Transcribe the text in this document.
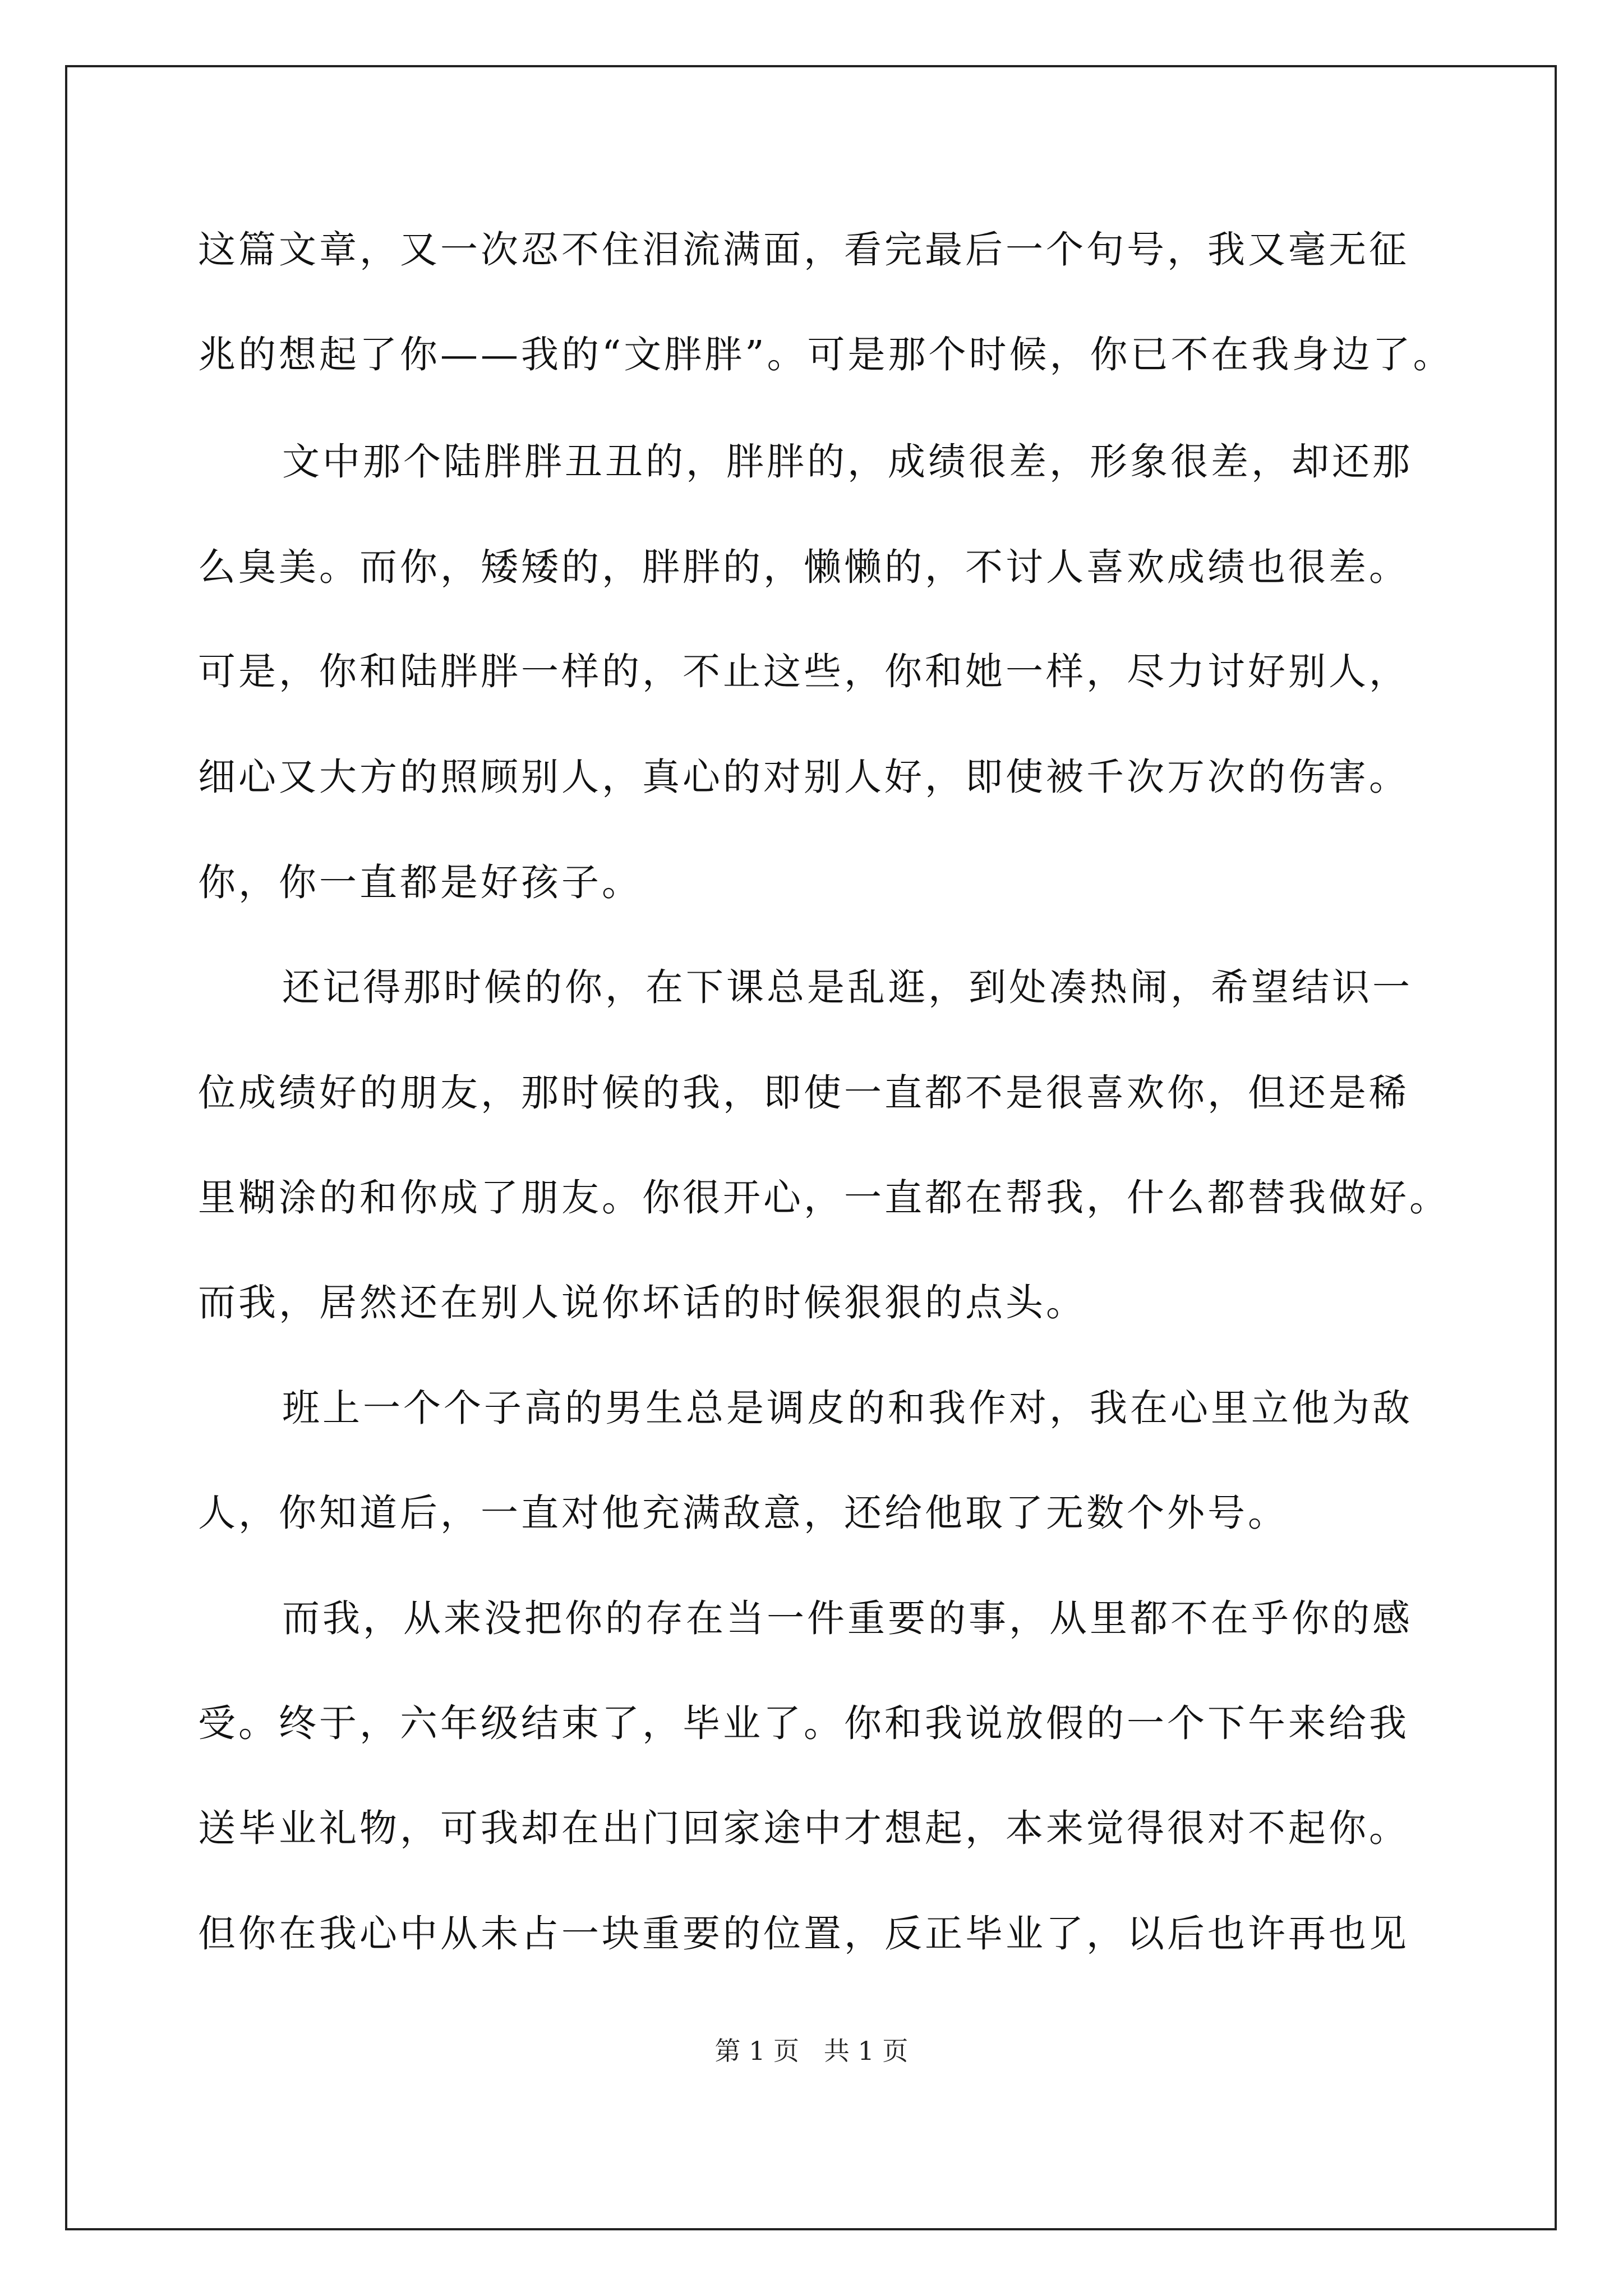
这篇文章，又一次忍不住泪流满面，看完最后一个句号，我又毫无征
兆的想起了你——我的“文胖胖”。可是那个时候，你已不在我身边了。
文中那个陆胖胖丑丑的，胖胖的，成绩很差，形象很差，却还那
么臭美。而你，矮矮的，胖胖的，懒懒的，不讨人喜欢成绩也很差。
可是，你和陆胖胖一样的，不止这些，你和她一样，尽力讨好别人，
细心又大方的照顾别人，真心的对别人好，即使被千次万次的伤害。
你，你一直都是好孩子。
还记得那时候的你，在下课总是乱逛，到处凑热闹，希望结识一
位成绩好的朋友，那时候的我，即使一直都不是很喜欢你，但还是稀
里糊涂的和你成了朋友。你很开心，一直都在帮我，什么都替我做好。
而我，居然还在别人说你坏话的时候狠狠的点头。
班上一个个子高的男生总是调皮的和我作对，我在心里立他为敌
人，你知道后，一直对他充满敌意，还给他取了无数个外号。
而我，从来没把你的存在当一件重要的事，从里都不在乎你的感
受。终于，六年级结束了，毕业了。你和我说放假的一个下午来给我
送毕业礼物，可我却在出门回家途中才想起，本来觉得很对不起你。
但你在我心中从未占一块重要的位置，反正毕业了，以后也许再也见
第 1 页   共 1 页
